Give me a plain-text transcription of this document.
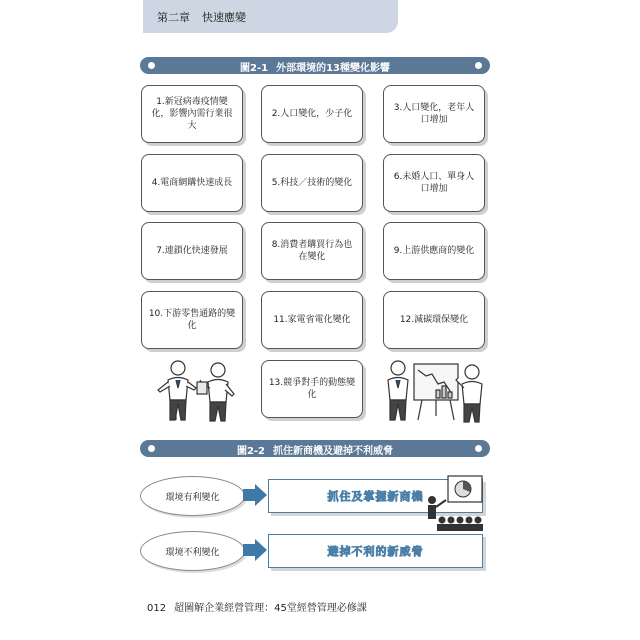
第二章 快速應變
圖2-1 外部環境的13種變化影響
1.新冠病毒疫情變化，影響內需行業很大
2.人口變化，少子化
3.人口變化，老年人口增加
4.電商網購快速成長	5.科技／技術的變化
6.未婚人口、單身人口增加
7.連鎖化快速發展
8.消費者購買行為也在變化
9.上游供應商的變化
10.下游零售通路的變化
11.家電省電化變化	12.減碳環保變化
13.競爭對手的動態變化
圖2-2 抓住新商機及避掉不利威脅
環境有利變化	抓住及掌握新商機
環境不利變化	避掉不利的新威脅
012 超圖解企業經營管理：45堂經營管理必修課
